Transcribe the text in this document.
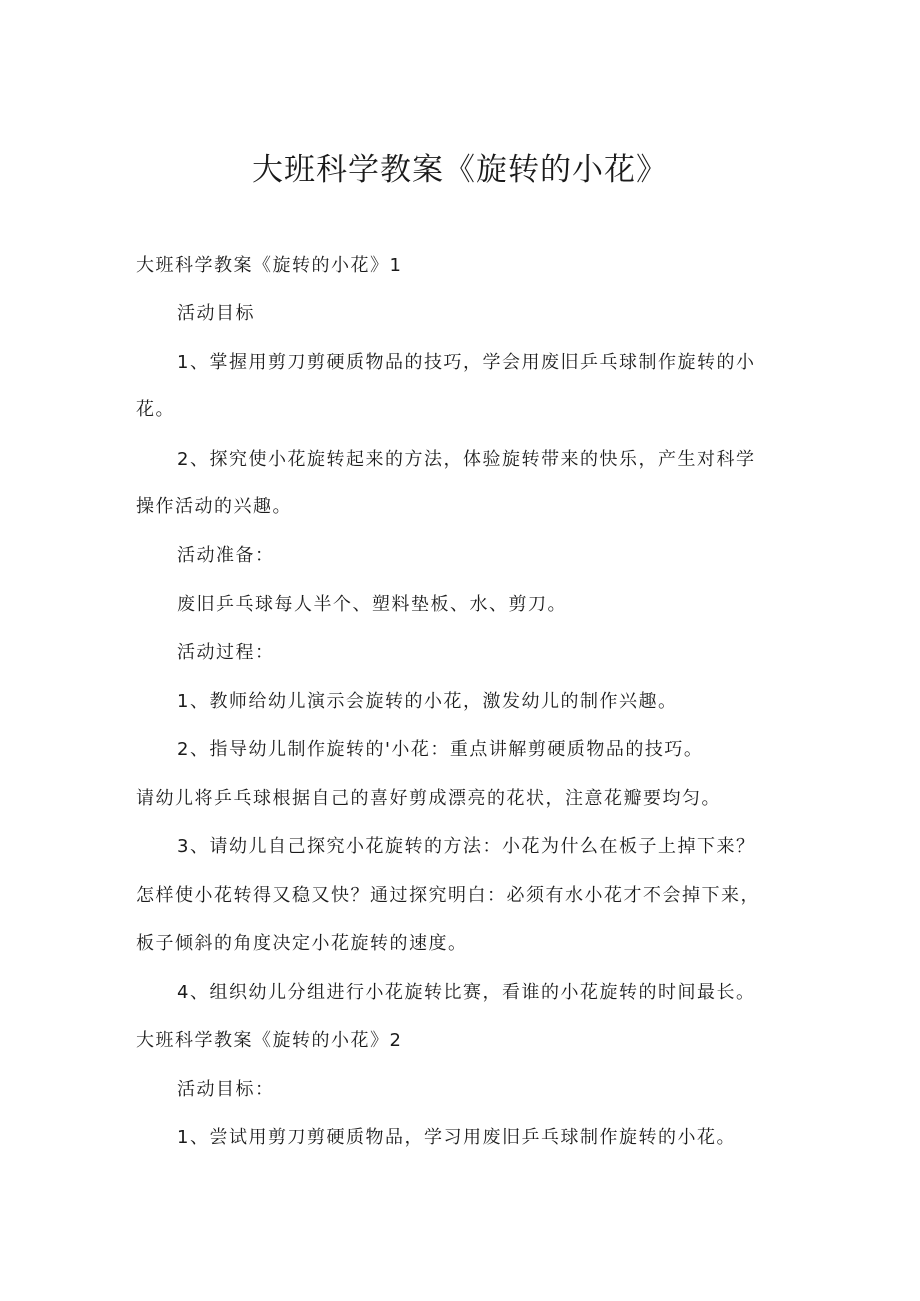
大班科学教案《旋转的小花》
大班科学教案《旋转的小花》1
活动目标
1、掌握用剪刀剪硬质物品的技巧，学会用废旧乒乓球制作旋转的小
花。
2、探究使小花旋转起来的方法，体验旋转带来的快乐，产生对科学
操作活动的兴趣。
活动准备：
废旧乒乓球每人半个、塑料垫板、水、剪刀。
活动过程：
1、教师给幼儿演示会旋转的小花，激发幼儿的制作兴趣。
2、指导幼儿制作旋转的'小花：重点讲解剪硬质物品的技巧。
请幼儿将乒乓球根据自己的喜好剪成漂亮的花状，注意花瓣要均匀。
3、请幼儿自己探究小花旋转的方法：小花为什么在板子上掉下来？
怎样使小花转得又稳又快？通过探究明白：必须有水小花才不会掉下来，
板子倾斜的角度决定小花旋转的速度。
4、组织幼儿分组进行小花旋转比赛，看谁的小花旋转的时间最长。
大班科学教案《旋转的小花》2
活动目标：
1、尝试用剪刀剪硬质物品，学习用废旧乒乓球制作旋转的小花。
